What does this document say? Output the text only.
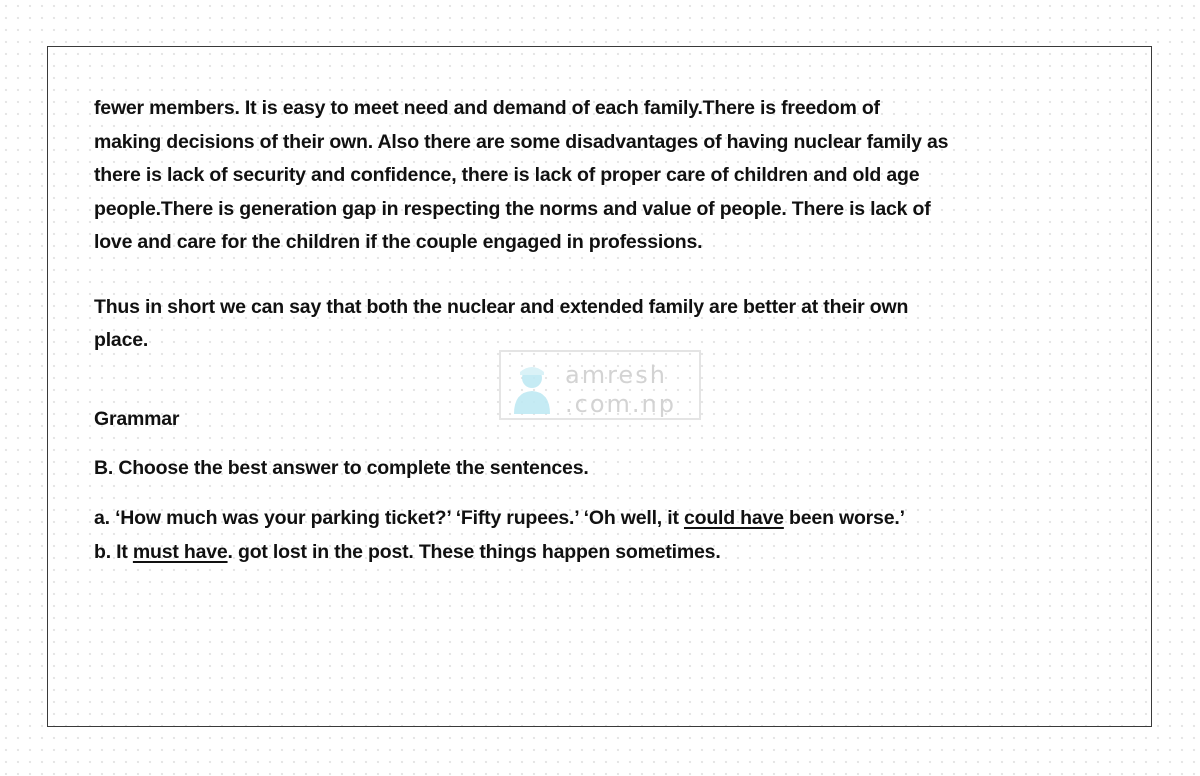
fewer members. It is easy to meet need and demand of each family.There is freedom of
making decisions of their own. Also there are some disadvantages of having nuclear family as
there is lack of security and confidence, there is lack of proper care of children and old age
people.There is generation gap in respecting the norms and value of people. There is lack of
love and care for the children if the couple engaged in professions.

Thus in short we can say that both the nuclear and extended family are better at their own
place.

Grammar

B. Choose the best answer to complete the sentences.

a. ‘How much was your parking ticket?’ ‘Fifty rupees.’ ‘Oh well, it could have been worse.’

b. It must have. got lost in the post. These things happen sometimes.

amresh
.com.np
